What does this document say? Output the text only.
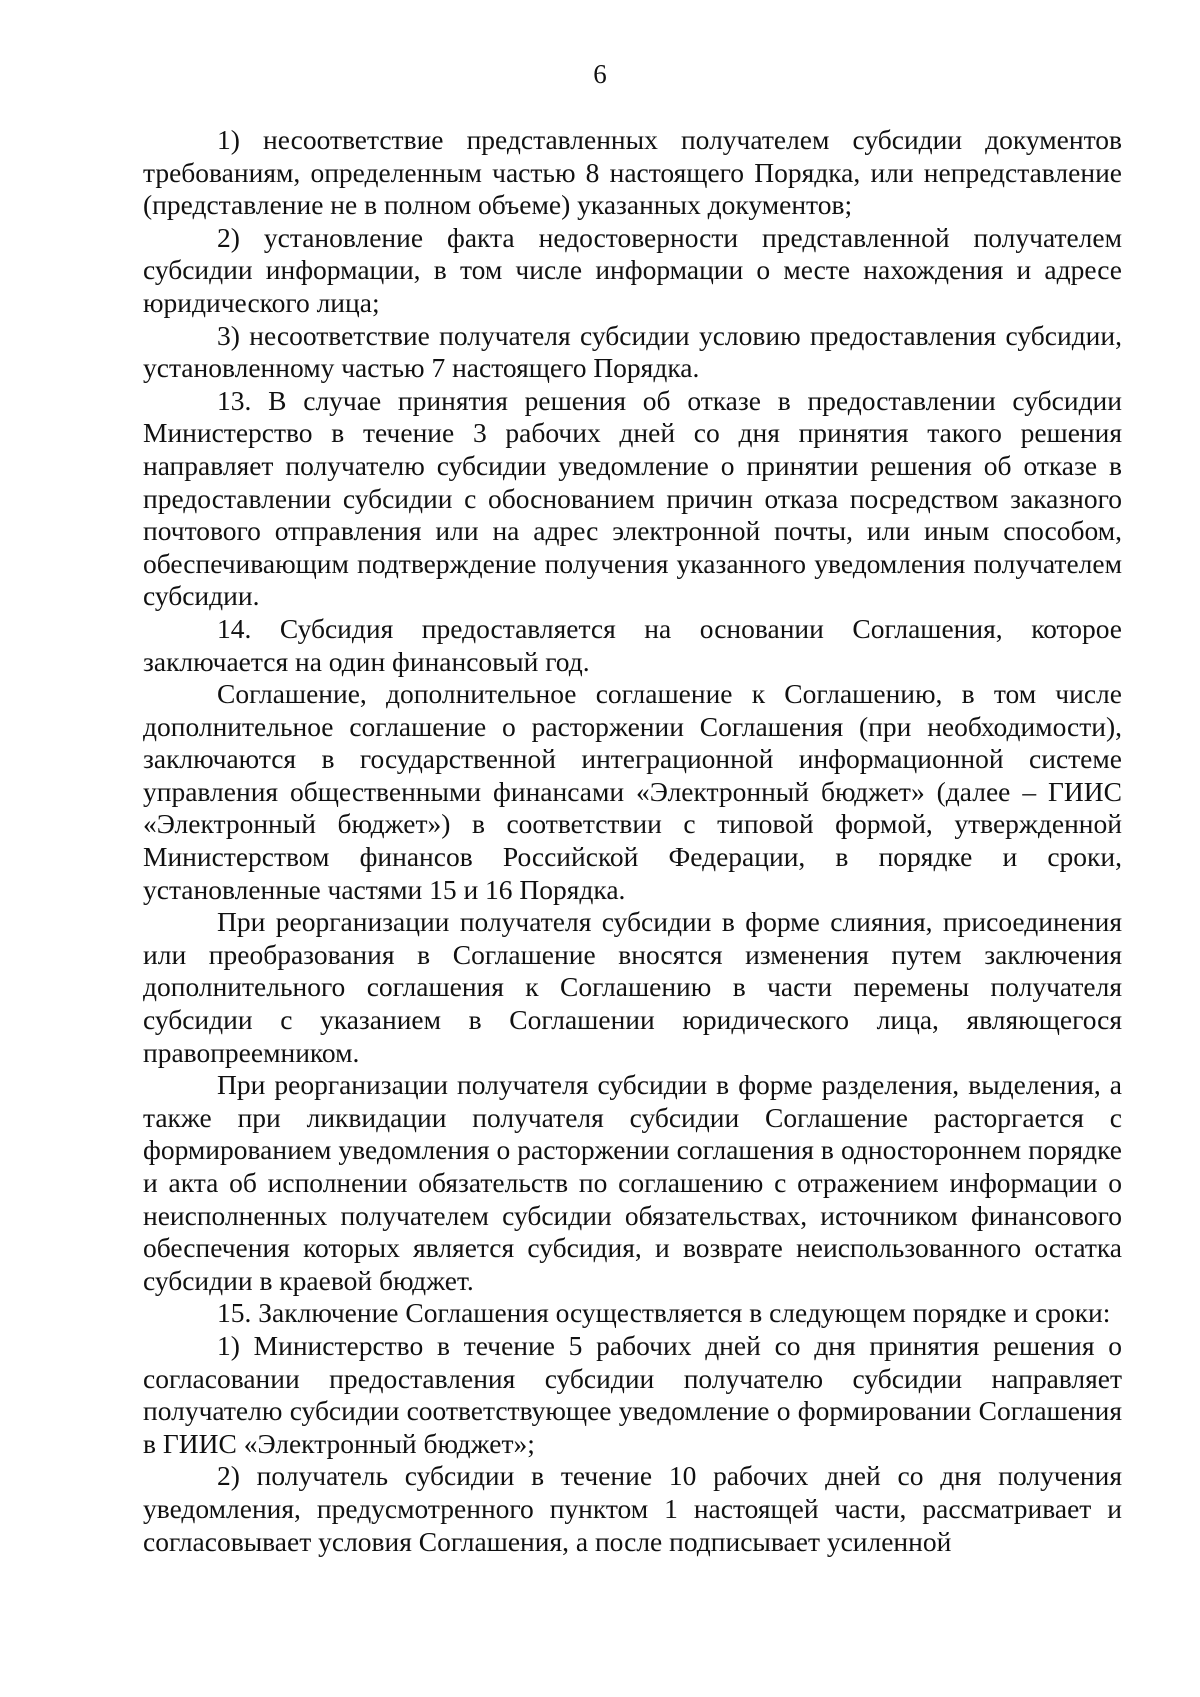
6

1) несоответствие представленных получателем субсидии документов требованиям, определенным частью 8 настоящего Порядка, или непредставление (представление не в полном объеме) указанных документов;

2) установление факта недостоверности представленной получателем субсидии информации, в том числе информации о месте нахождения и адресе юридического лица;

3) несоответствие получателя субсидии условию предоставления субсидии, установленному частью 7 настоящего Порядка.

13. В случае принятия решения об отказе в предоставлении субсидии Министерство в течение 3 рабочих дней со дня принятия такого решения направляет получателю субсидии уведомление о принятии решения об отказе в предоставлении субсидии с обоснованием причин отказа посредством заказного почтового отправления или на адрес электронной почты, или иным способом, обеспечивающим подтверждение получения указанного уведомления получателем субсидии.

14. Субсидия предоставляется на основании Соглашения, которое заключается на один финансовый год.

Соглашение, дополнительное соглашение к Соглашению, в том числе дополнительное соглашение о расторжении Соглашения (при необходимости), заключаются в государственной интеграционной информационной системе управления общественными финансами «Электронный бюджет» (далее – ГИИС «Электронный бюджет») в соответствии с типовой формой, утвержденной Министерством финансов Российской Федерации, в порядке и сроки, установленные частями 15 и 16 Порядка.

При реорганизации получателя субсидии в форме слияния, присоединения или преобразования в Соглашение вносятся изменения путем заключения дополнительного соглашения к Соглашению в части перемены получателя субсидии с указанием в Соглашении юридического лица, являющегося правопреемником.

При реорганизации получателя субсидии в форме разделения, выделения, а также при ликвидации получателя субсидии Соглашение расторгается с формированием уведомления о расторжении соглашения в одностороннем порядке и акта об исполнении обязательств по соглашению с отражением информации о неисполненных получателем субсидии обязательствах, источником финансового обеспечения которых является субсидия, и возврате неиспользованного остатка субсидии в краевой бюджет.

15. Заключение Соглашения осуществляется в следующем порядке и сроки:

1) Министерство в течение 5 рабочих дней со дня принятия решения о согласовании предоставления субсидии получателю субсидии направляет получателю субсидии соответствующее уведомление о формировании Соглашения в ГИИС «Электронный бюджет»;

2) получатель субсидии в течение 10 рабочих дней со дня получения уведомления, предусмотренного пунктом 1 настоящей части, рассматривает и согласовывает условия Соглашения, а после подписывает усиленной
